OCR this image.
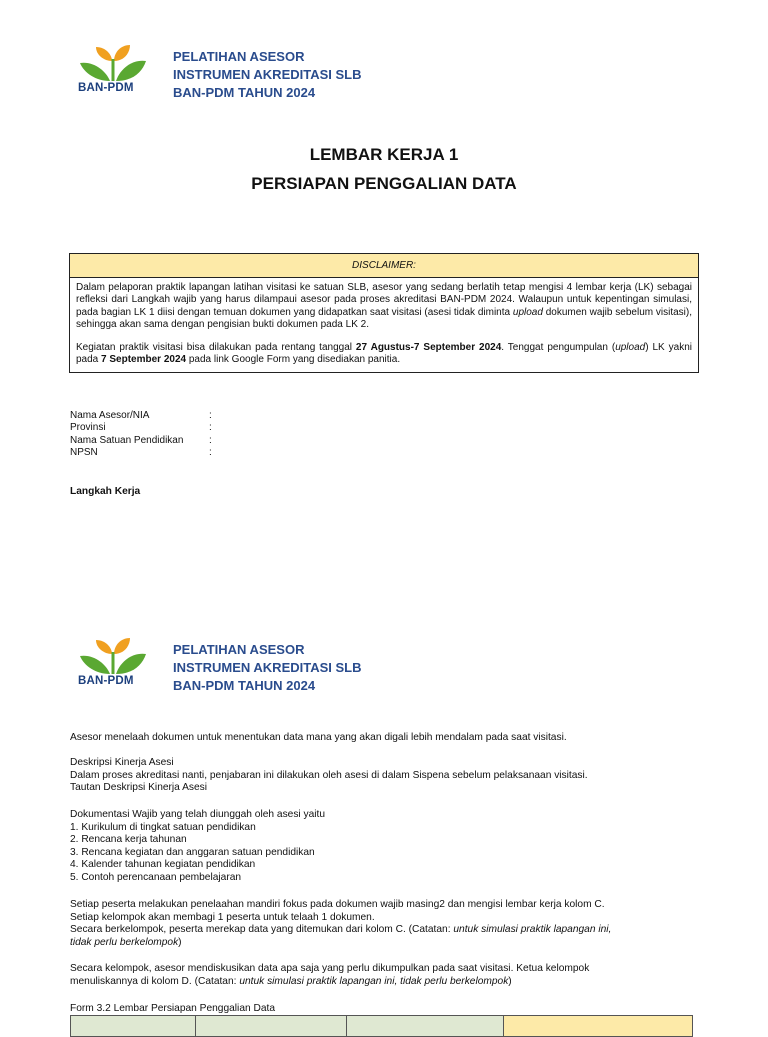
BAN-PDM
PELATIHAN ASESOR
INSTRUMEN AKREDITASI SLB
BAN-PDM TAHUN 2024
LEMBAR KERJA 1
PERSIAPAN PENGGALIAN DATA
DISCLAIMER:

Dalam pelaporan praktik lapangan latihan visitasi ke satuan SLB, asesor yang sedang berlatih tetap mengisi 4 lembar kerja (LK) sebagai refleksi dari Langkah wajib yang harus dilampaui asesor pada proses akreditasi BAN-PDM 2024. Walaupun untuk kepentingan simulasi, pada bagian LK 1 diisi dengan temuan dokumen yang didapatkan saat visitasi (asesi tidak diminta upload dokumen wajib sebelum visitasi), sehingga akan sama dengan pengisian bukti dokumen pada LK 2.

Kegiatan praktik visitasi bisa dilakukan pada rentang tanggal 27 Agustus-7 September 2024. Tenggat pengumpulan (upload) LK yakni pada 7 September 2024 pada link Google Form yang disediakan panitia.

Nama Asesor/NIA	:
Provinsi	:
Nama Satuan Pendidikan	:
NPSN	:
Langkah Kerja
BAN-PDM
PELATIHAN ASESOR
INSTRUMEN AKREDITASI SLB
BAN-PDM TAHUN 2024
Asesor menelaah dokumen untuk menentukan data mana yang akan digali lebih mendalam pada saat visitasi.
Deskripsi Kinerja Asesi
Dalam proses akreditasi nanti, penjabaran ini dilakukan oleh asesi di dalam Sispena sebelum pelaksanaan visitasi.
Tautan Deskripsi Kinerja Asesi
Dokumentasi Wajib yang telah diunggah oleh asesi yaitu
1. Kurikulum di tingkat satuan pendidikan
2. Rencana kerja tahunan
3. Rencana kegiatan dan anggaran satuan pendidikan
4. Kalender tahunan kegiatan pendidikan
5. Contoh perencanaan pembelajaran
Setiap peserta melakukan penelaahan mandiri fokus pada dokumen wajib masing2 dan mengisi lembar kerja kolom C.
Setiap kelompok akan membagi 1 peserta untuk telaah 1 dokumen.
Secara berkelompok, peserta merekap data yang ditemukan dari kolom C. (Catatan: untuk simulasi praktik lapangan ini,
tidak perlu berkelompok)
Secara kelompok, asesor mendiskusikan data apa saja yang perlu dikumpulkan pada saat visitasi. Ketua kelompok
menuliskannya di kolom D. (Catatan: untuk simulasi praktik lapangan ini, tidak perlu berkelompok)
Form 3.2 Lembar Persiapan Penggalian Data
